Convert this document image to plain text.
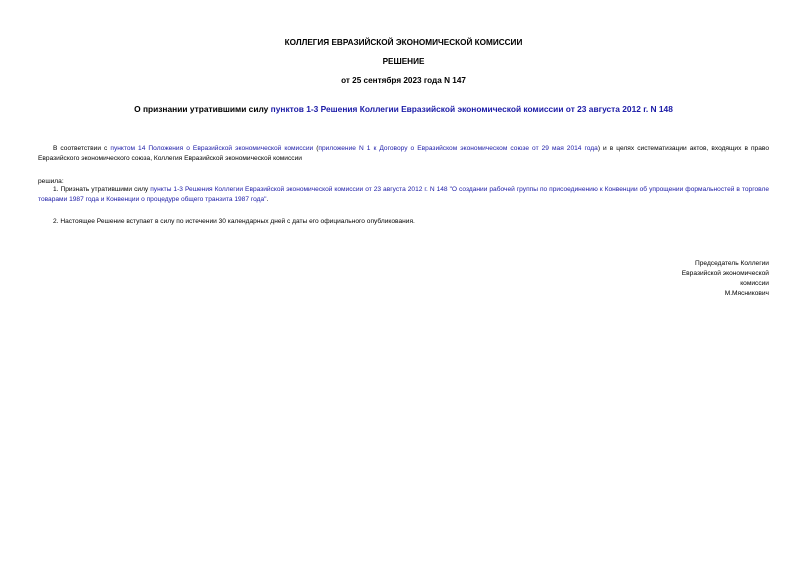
КОЛЛЕГИЯ ЕВРАЗИЙСКОЙ ЭКОНОМИЧЕСКОЙ КОМИССИИ
РЕШЕНИЕ
от 25 сентября 2023 года N 147
О признании утратившими силу пунктов 1-3 Решения Коллегии Евразийской экономической комиссии от 23 августа 2012 г. N 148
В соответствии с пунктом 14 Положения о Евразийской экономической комиссии (приложение N 1 к Договору о Евразийском экономическом союзе от 29 мая 2014 года) и в целях систематизации актов, входящих в право Евразийского экономического союза, Коллегия Евразийской экономической комиссии
решила:
1. Признать утратившими силу пункты 1-3 Решения Коллегии Евразийской экономической комиссии от 23 августа 2012 г. N 148 "О создании рабочей группы по присоединению к Конвенции об упрощении формальностей в торговле товарами 1987 года и Конвенции о процедуре общего транзита 1987 года".
2. Настоящее Решение вступает в силу по истечении 30 календарных дней с даты его официального опубликования.
Председатель Коллегии
Евразийской экономической
комиссии
М.Мясникович
